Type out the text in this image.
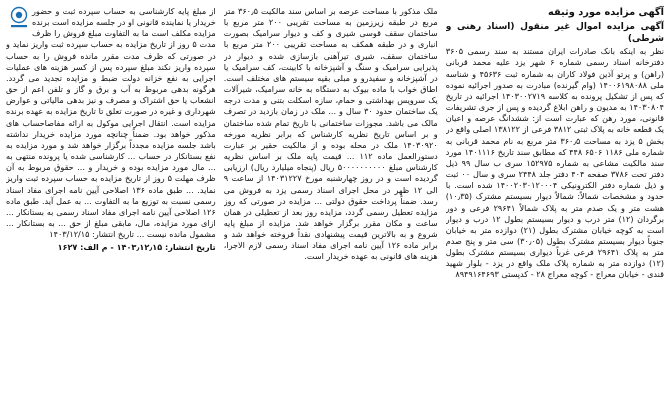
آگهی مزایده مورد وثیقه
آگهی مزایده اموال غیر منقول (اسناد رهنی و شرطی)

نظر به اینکه بانک صادرات ایران مستند به سند رسمی ۳۶۰۵ دفترخانه اسناد رسمی شماره ۶ شهر یزد علیه محمد قربانی (راهن) و پرتو آذین فولاد کاران به شماره ثبت ۴۵۶۳۶ و شناسه ملی ۱۴۰۰۶۱۹۸۰۸۸ (وام گیرنده) مبادرت به صدور اجرائیه نموده که پس از تشکیل پرونده به کلاسه ۱۴۰۳۰۰۲۷۱۹ اجرائیه در تاریخ ۱۴۰۳۰۸۰۴ به مدیون و راهن ابلاغ گردیده و پس از جری تشریفات قانونی، مورد رهن که عبارت است از: ششدانگ عرصه و اعیان یک قطعه خانه به پلاک ثبتی ۳۸۱۲ فرعی از ۱۳۸۱۲۲ اصلی واقع در بخش ۵ یزد به مساحت ۳۶۰٫۵ متر مربع به نام محمد قربانی به شماره ملی ۱۱۸۶ ۶۵۰۶ ۴۴۸ که مطابق سند تاریخ ۱۴۰۱۱۱۶ مورد سند مالکیت مشاعی به شماره ۱۵۲۹۷۵ سری ب سال ۹۹ ذیل دفتر تحت ۳۷۸۶ صفحه ۴۰۴ دفتر جلد ۲۴۴۸ سری و سال ۰۰ ثبت و ذیل شماره دفتر الکترونیکی ۱۴۰۰۲۰۳۰۱۲۰۰۰۴ شده است. با حدود و مشخصات شمالاً: شمالاً دیوار بسیستم مشترک (۱۰٫۳۵) هشت متر و یک صدم متر به پلاک شمالاً ۲۹۶۴۱ فرعی و دور برگردان (۱۲) متر درب و دیوار بسیستم بطول ۱۲ درب و دیوار است به کوچه خیابان مشترک بطول (۲۱) دوازده متر به خیابان جنوباً دیوار بسیستم مشترک بطول (۳۰٫۰۵) سی متر و پنج صدم متر به پلاک ۲۹۶۴۱ فرعی غرباً دیواری بسیستم مشترک بطول (۱۲) دوازده متر به شماره پلاک ملک واقع در یزد - بلوار شهید قندی - خیابان معراج - کوچه معراج ۲۸ - کدپستی ۸۹۴۹۱۶۴۶۹۳

ملک مذکور با مساحت عرصه بر اساس سند مالکیت ۳۶۰٫۵ متر مربع در طبقه زیرزمین به مساحت تقریبی ۲۰۰ متر مربع با ساختمان سقف قوسی شیری و کف و دیوار سرامیک بصورت انباری و در طبقه همکف به مساحت تقریبی ۲۰۰ متر مربع با ساختمان سقف، شیری تیرآهنی بازسازی شده و دیوار در پذیرایی سرامیک و سنگ و آشپزخانه با کابینت، کف سرامیک یا در آشپزخانه و سفیدرو و مبلی بقیه سیستم های مختلف است. اطاق خواب با ماده بیوک به دستگاه به خانه سرامیک، شیرآلات یک سرویس بهداشتی و حمام، سازه اسکلت بتنی و مدت درجه یک ساختمان حدود ۳۰ سال و ... ملک در زمان بازدید در تصرف مالک می باشد. مجوزات ساختمانی با تاریخ تمام شده ساختمان و بر اساس تاریخ نظریه کارشناس که برابر نظریه مورخه ۱۴۰۳۰۹۲۰ ملک در محله بوده و از مالکیت حقیر بر عبارت دستورالعمل ماده ۱۱۲ ... قیمت پایه ملک بر اساس نظریه کارشناس مبلغ ۵۰۰۰۰۰۰۰۰۰۰ ریال (پنجاه میلیارد ریال) ارزیابی گردیده است و در روز چهارشنبه مورخ ۱۴۰۳۱۲۲۷ از ساعت ۹ الی ۱۲ ظهر در محل اجرای اسناد رسمی یزد به فروش می رسد. ضمناً پرداخت حقوق دولتی ... مزایده در صورتی که روز مزایده تعطیل رسمی گردد، مزایده روز بعد از تعطیلی در همان ساعت و مکان مقرر برگزار خواهد شد. مزایده از مبلغ پایه شروع و به بالاترین قیمت پیشنهادی نقداً فروخته خواهد شد و برابر ماده ۱۲۶ آیین نامه اجرای مفاد اسناد رسمی لازم الاجرا، هزینه های قانونی به عهده خریدار است.

از مبلغ پایه کارشناسی به حساب سپرده ثبت و حضور خریدار یا نماینده قانونی او در جلسه مزایده است برنده مزایده مکلف است ما به التفاوت مبلغ فروش را ظرف مدت ۵ روز از تاریخ مزایده به حساب سپرده ثبت واریز نماید و در صورتی که ظرف مدت مقرر مانده فروش را به حساب سپرده واریز نکند مبلغ سپرده پس از کسر هزینه های عملیات اجرایی به نفع خزانه دولت ضبط و مزایده تجدید می گردد. هرگونه بدهی مربوط به آب و برق و گاز و تلفن اعم از حق انشعاب یا حق اشتراک و مصرف و نیز بدهی مالیاتی و عوارض شهرداری و غیره در صورت تعلق تا تاریخ مزایده به عهده برنده مزایده است. انتقال اجرایی موکول به ارائه مفاصاحساب های مذکور خواهد بود. ضمناً چنانچه مورد مزایده خریدار نداشته باشد جلسه مزایده مجدداً برگزار خواهد شد و مورد مزایده به نفع بستانکار در حساب ... کارشناسی شده یا پرونده منتهی به ... مال مورد مزایده بوده و خریدار و ... حقوق مربوط به آن ظرف مهلت ۵ روز از تاریخ مزایده به حساب سپرده ثبت واریز نماید. ... طبق ماده ۱۳۶ اصلاحی آیین نامه اجرای مفاد اسناد رسمی نسبت به توزیع ما به التفاوت ... به عمل آید. طبق ماده ۱۲۶ اصلاحی آیین نامه اجرای مفاد اسناد رسمی به بستانکار ... ازای مورد مزایده، مال، مابقی مبلغ از حق ... به بستانکار ... مشمول مانده نیست ... تاریخ انتشار: ۱۴۰۳/۱۲/۱۵

تاریخ انتشار: ۱۴۰۳٫۱۲٫۱۵ - م الف: ۱۶۲۷
